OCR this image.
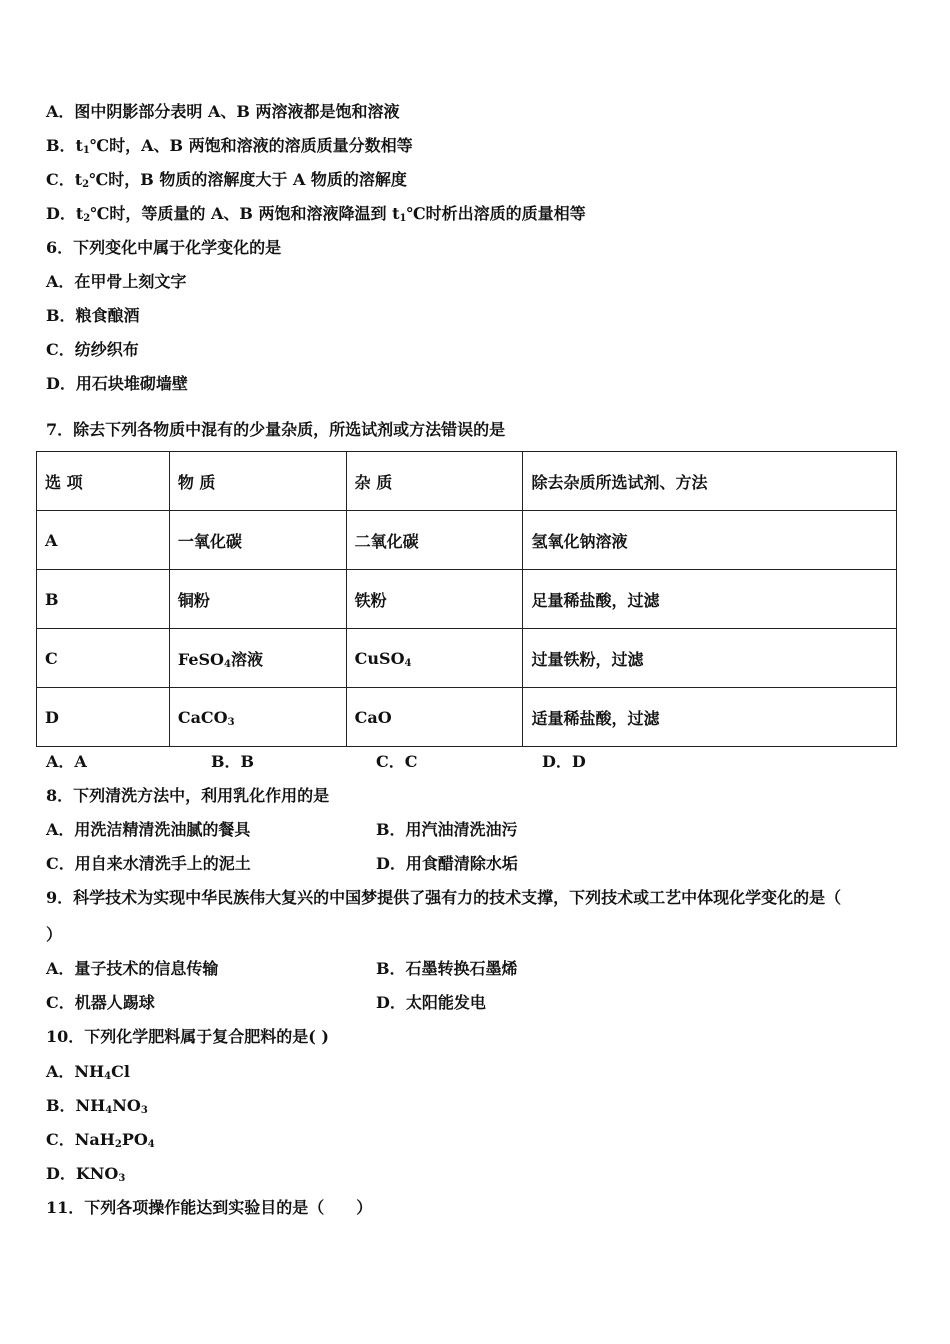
A．图中阴影部分表明 A、B 两溶液都是饱和溶液
B．$t_1℃$时，A、B 两饱和溶液的溶质质量分数相等
C．$t_2℃$时，B 物质的溶解度大于 A 物质的溶解度
D．$t_2℃$时，等质量的 A、B 两饱和溶液降温到 $t_1℃$时析出溶质的质量相等
6．下列变化中属于化学变化的是
A．在甲骨上刻文字
B．粮食酿酒
C．纺纱织布
D．用石块堆砌墙壁
7．除去下列各物质中混有的少量杂质，所选试剂或方法错误的是
选 项	物 质	杂 质	除去杂质所选试剂、方法
A	一氧化碳	二氧化碳	氢氧化钠溶液
B	铜粉	铁粉	足量稀盐酸，过滤
C	FeSO$_4$溶液	CuSO$_4$	过量铁粉，过滤
D	CaCO$_3$	CaO	适量稀盐酸，过滤
A．A	B．B	C．C	D．D
8．下列清洗方法中，利用乳化作用的是
A．用洗洁精清洗油腻的餐具	B．用汽油清洗油污
C．用自来水清洗手上的泥土	D．用食醋清除水垢
9．科学技术为实现中华民族伟大复兴的中国梦提供了强有力的技术支撑，下列技术或工艺中体现化学变化的是（
）
A．量子技术的信息传输	B．石墨转换石墨烯
C．机器人踢球	D．太阳能发电
10．下列化学肥料属于复合肥料的是( )
A．$NH_4Cl$
B．$NH_4NO_3$
C．$NaH_2PO_4$
D．$KNO_3$
11．下列各项操作能达到实验目的是（　　）
